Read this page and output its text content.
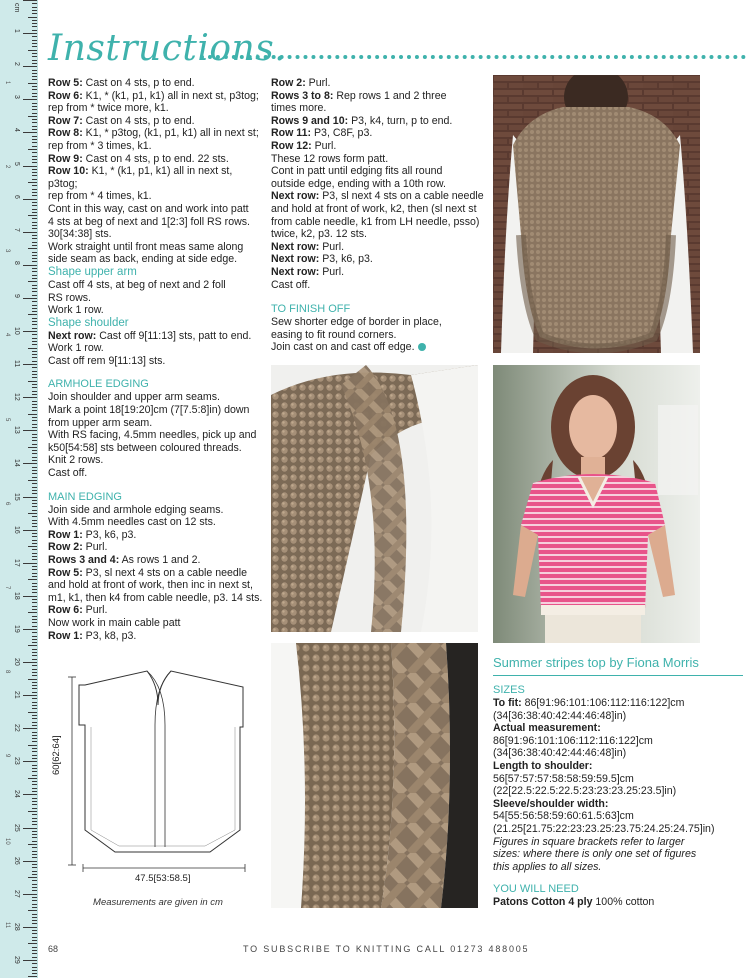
1
2
3
4
5
6
7
8
9
10
11
12
13
14
15
16
17
18
19
20
21
22
23
24
25
26
27
28
29
cm
1
2
3
4
5
6
7
8
9
10
11
Instructions.

Row 5: Cast on 4 sts, p to end.

Row 6: K1, * (k1, p1, k1) all in next st, p3tog;

rep from * twice more, k1.

Row 7: Cast on 4 sts, p to end.

Row 8: K1, * p3tog, (k1, p1, k1) all in next st;

rep from * 3 times, k1.

Row 9: Cast on 4 sts, p to end. 22 sts.

Row 10: K1, * (k1, p1, k1) all in next st, p3tog;

rep from * 4 times, k1.

Cont in this way, cast on and work into patt

4 sts at beg of next and 1[2:3] foll RS rows.

30[34:38] sts.

Work straight until front meas same along

side seam as back, ending at side edge.

Shape upper arm

Cast off 4 sts, at beg of next and 2 foll

RS rows.

Work 1 row.

Shape shoulder

Next row: Cast off 9[11:13] sts, patt to end.

Work 1 row.

Cast off rem 9[11:13] sts.

ARMHOLE EDGING

Join shoulder and upper arm seams.

Mark a point 18[19:20]cm (7[7.5:8]in) down

from upper arm seam.

With RS facing, 4.5mm needles, pick up and

k50[54:58] sts between coloured threads.

Knit 2 rows.

Cast off.

MAIN EDGING

Join side and armhole edging seams.

With 4.5mm needles cast on 12 sts.

Row 1: P3, k6, p3.

Row 2: Purl.

Rows 3 and 4: As rows 1 and 2.

Row 5: P3, sl next 4 sts on a cable needle

and hold at front of work, then inc in next st,

m1, k1, then k4 from cable needle, p3. 14 sts.

Row 6: Purl.

Now work in main cable patt

Row 1: P3, k8, p3.

Row 2: Purl.

Rows 3 to 8: Rep rows 1 and 2 three

times more.

Rows 9 and 10: P3, k4, turn, p to end.

Row 11: P3, C8F, p3.

Row 12: Purl.

These 12 rows form patt.

Cont in patt until edging fits all round

outside edge, ending with a 10th row.

Next row: P3, sl next 4 sts on a cable needle

and hold at front of work, k2, then (sl next st

from cable needle, k1 from LH needle, psso)

twice, k2, p3. 12 sts.

Next row: Purl.

Next row: P3, k6, p3.

Next row: Purl.

Cast off.

TO FINISH OFF

Sew shorter edge of border in place,

easing to fit round corners.

Join cast on and cast off edge.

60[62:64]
47.5[53:58.5]
Measurements are given in cm
Summer stripes top by Fiona Morris

SIZES

To fit: 86[91:96:101:106:112:116:122]cm

(34[36:38:40:42:44:46:48]in)

Actual measurement:

86[91:96:101:106:112:116:122]cm

(34[36:38:40:42:44:46:48]in)

Length to shoulder:

56[57:57:57:58:58:59:59.5]cm

(22[22.5:22.5:22.5:23:23:23.25:23.5]in)

Sleeve/shoulder width:

54[55:56:58:59:60:61.5:63]cm

(21.25[21.75:22:23:23.25:23.75:24.25:24.75]in)

Figures in square brackets refer to larger

sizes: where there is only one set of figures

this applies to all sizes.

YOU WILL NEED

Patons Cotton 4 ply 100% cotton

68	TO SUBSCRIBE TO KNITTING CALL 01273 488005
